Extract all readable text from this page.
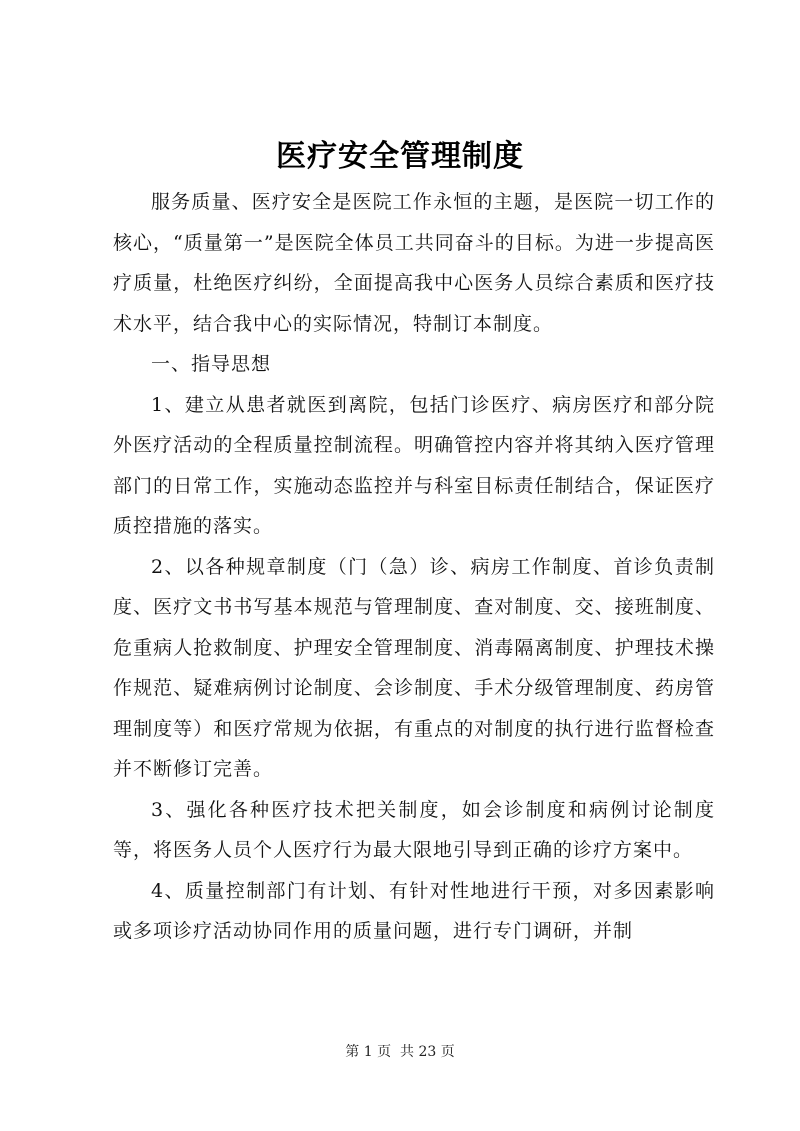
医疗安全管理制度

服务质量、医疗安全是医院工作永恒的主题，是医院一切工作的核心，“质量第一”是医院全体员工共同奋斗的目标。为进一步提高医疗质量，杜绝医疗纠纷，全面提高我中心医务人员综合素质和医疗技术水平，结合我中心的实际情况，特制订本制度。

一、指导思想

1、建立从患者就医到离院，包括门诊医疗、病房医疗和部分院外医疗活动的全程质量控制流程。明确管控内容并将其纳入医疗管理部门的日常工作，实施动态监控并与科室目标责任制结合，保证医疗质控措施的落实。

2、以各种规章制度（门（急）诊、病房工作制度、首诊负责制度、医疗文书书写基本规范与管理制度、查对制度、交、接班制度、危重病人抢救制度、护理安全管理制度、消毒隔离制度、护理技术操作规范、疑难病例讨论制度、会诊制度、手术分级管理制度、药房管理制度等）和医疗常规为依据，有重点的对制度的执行进行监督检查并不断修订完善。

3、强化各种医疗技术把关制度，如会诊制度和病例讨论制度等，将医务人员个人医疗行为最大限地引导到正确的诊疗方案中。

4、质量控制部门有计划、有针对性地进行干预，对多因素影响或多项诊疗活动协同作用的质量问题，进行专门调研，并制

第 1 页  共 23 页
